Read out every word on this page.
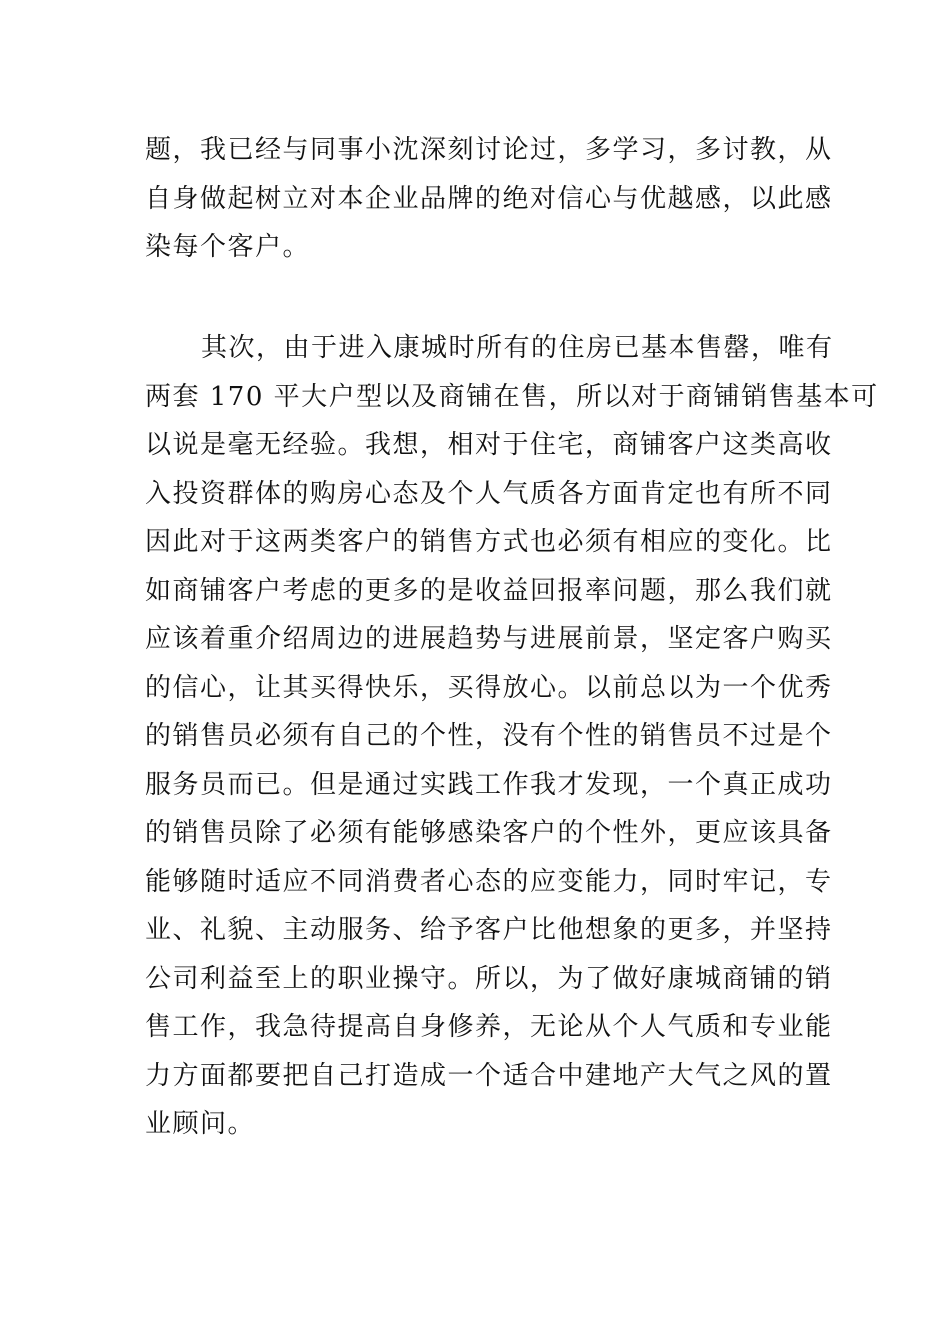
题，我已经与同事小沈深刻讨论过，多学习，多讨教，从
自身做起树立对本企业品牌的绝对信心与优越感，以此感
染每个客户。

其次，由于进入康城时所有的住房已基本售罄，唯有
两套 170 平大户型以及商铺在售，所以对于商铺销售基本可
以说是毫无经验。我想，相对于住宅，商铺客户这类高收
入投资群体的购房心态及个人气质各方面肯定也有所不同
因此对于这两类客户的销售方式也必须有相应的变化。比
如商铺客户考虑的更多的是收益回报率问题，那么我们就
应该着重介绍周边的进展趋势与进展前景，坚定客户购买
的信心，让其买得快乐，买得放心。以前总以为一个优秀
的销售员必须有自己的个性，没有个性的销售员不过是个
服务员而已。但是通过实践工作我才发现，一个真正成功
的销售员除了必须有能够感染客户的个性外，更应该具备
能够随时适应不同消费者心态的应变能力，同时牢记，专
业、礼貌、主动服务、给予客户比他想象的更多，并坚持
公司利益至上的职业操守。所以，为了做好康城商铺的销
售工作，我急待提高自身修养，无论从个人气质和专业能
力方面都要把自己打造成一个适合中建地产大气之风的置
业顾问。
